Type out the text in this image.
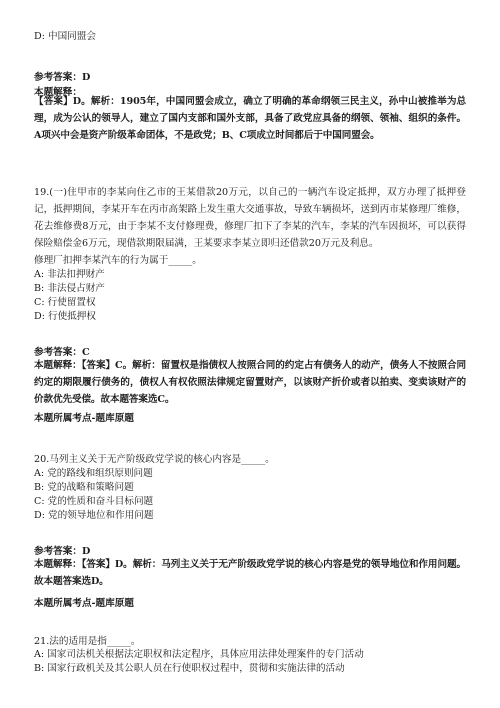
D: 中国同盟会
参考答案：D
本题解释：
【答案】D。解析：1905年，中国同盟会成立，确立了明确的革命纲领三民主义，孙中山被推举为总理，成为公认的领导人，建立了国内支部和国外支部，具备了政党应具备的纲领、领袖、组织的条件。A项兴中会是资产阶级革命团体，不是政党；B、C项成立时间都后于中国同盟会。
19.(一)住甲市的李某向住乙市的王某借款20万元，以自己的一辆汽车设定抵押，双方办理了抵押登记，抵押期间，李某开车在丙市高架路上发生重大交通事故，导致车辆损坏，送到丙市某修理厂维修，花去维修费8万元，由于李某不支付修理费，修理厂扣下了李某的汽车，李某的汽车因损坏，可以获得保险赔偿金6万元，现借款期限届满，王某要求李某立即归还借款20万元及利息。
修理厂扣押李某汽车的行为属于_____。
A: 非法扣押财产
B: 非法侵占财产
C: 行使留置权
D: 行使抵押权
参考答案：C
本题解释：【答案】C。解析：留置权是指债权人按照合同的约定占有债务人的动产，债务人不按照合同约定的期限履行债务的，债权人有权依照法律规定留置财产，以该财产折价或者以拍卖、变卖该财产的价款优先受偿。故本题答案选C。
本题所属考点-题库原题
20.马列主义关于无产阶级政党学说的核心内容是_____。
A: 党的路线和组织原则问题
B: 党的战略和策略问题
C: 党的性质和奋斗目标问题
D: 党的领导地位和作用问题
参考答案：D
本题解释：【答案】D。解析：马列主义关于无产阶级政党学说的核心内容是党的领导地位和作用问题。故本题答案选D。
本题所属考点-题库原题
21.法的适用是指_____。
A: 国家司法机关根据法定职权和法定程序，具体应用法律处理案件的专门活动
B: 国家行政机关及其公职人员在行使职权过程中，贯彻和实施法律的活动
